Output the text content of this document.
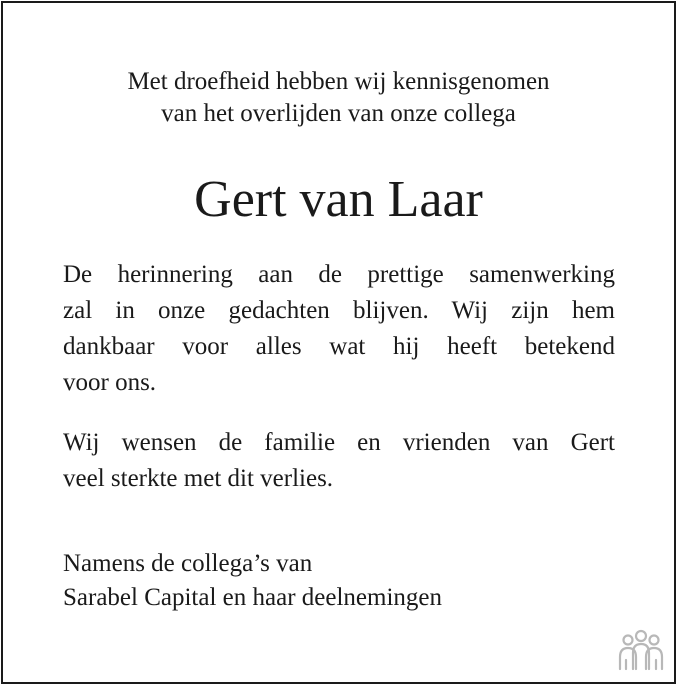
Met droefheid hebben wij kennisgenomen
van het overlijden van onze collega
Gert van Laar
De herinnering aan de prettige samenwerking
zal in onze gedachten blijven. Wij zijn hem
dankbaar voor alles wat hij heeft betekend
voor ons.
Wij wensen de familie en vrienden van Gert
veel sterkte met dit verlies.
Namens de collega’s van
Sarabel Capital en haar deelnemingen
